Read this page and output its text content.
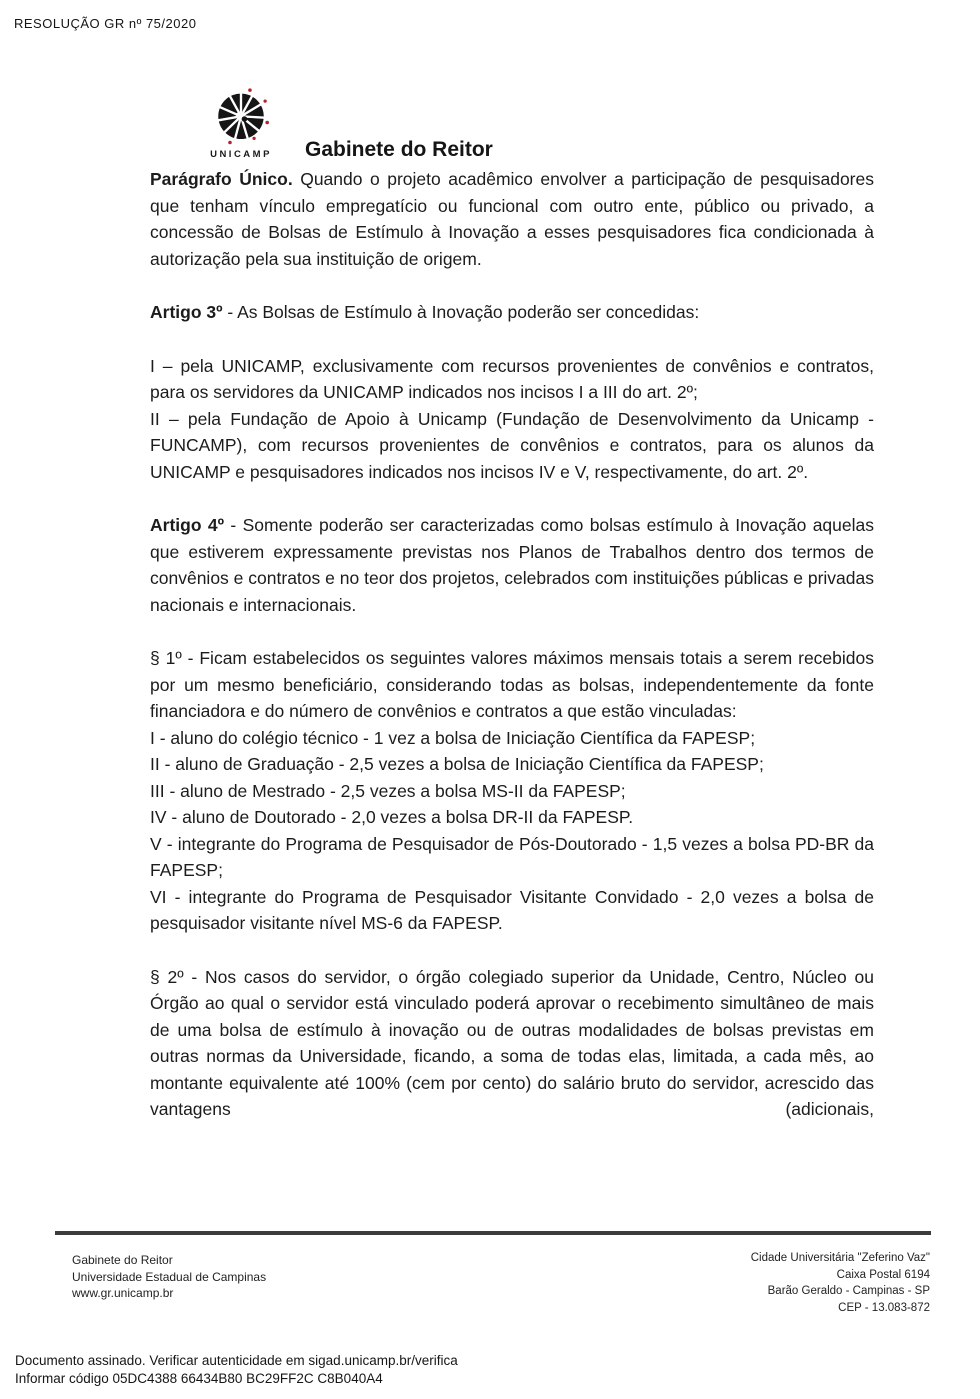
RESOLUÇÃO GR nº 75/2020
UNICAMP	Gabinete do Reitor

Parágrafo Único. Quando o projeto acadêmico envolver a participação de pesquisadores que tenham vínculo empregatício ou funcional com outro ente, público ou privado, a concessão de Bolsas de Estímulo à Inovação a esses pesquisadores fica condicionada à autorização pela sua instituição de origem.

Artigo 3º - As Bolsas de Estímulo à Inovação poderão ser concedidas:

I – pela UNICAMP, exclusivamente com recursos provenientes de convênios e contratos, para os servidores da UNICAMP indicados nos incisos I a III do art. 2º;

II – pela Fundação de Apoio à Unicamp (Fundação de Desenvolvimento da Unicamp - FUNCAMP), com recursos provenientes de convênios e contratos, para os alunos da UNICAMP e pesquisadores indicados nos incisos IV e V, respectivamente, do art. 2º.

Artigo 4º - Somente poderão ser caracterizadas como bolsas estímulo à Inovação aquelas que estiverem expressamente previstas nos Planos de Trabalhos dentro dos termos de convênios e contratos e no teor dos projetos, celebrados com instituições públicas e privadas nacionais e internacionais.

§ 1º - Ficam estabelecidos os seguintes valores máximos mensais totais a serem recebidos por um mesmo beneficiário, considerando todas as bolsas, independentemente da fonte financiadora e do número de convênios e contratos a que estão vinculadas:

I - aluno do colégio técnico - 1 vez a bolsa de Iniciação Científica da FAPESP;

II - aluno de Graduação - 2,5 vezes a bolsa de Iniciação Científica da FAPESP;

III - aluno de Mestrado - 2,5 vezes a bolsa MS-II da FAPESP;

IV - aluno de Doutorado - 2,0 vezes a bolsa DR-II da FAPESP.

V - integrante do Programa de Pesquisador de Pós-Doutorado - 1,5 vezes a bolsa PD-BR da FAPESP;

VI - integrante do Programa de Pesquisador Visitante Convidado - 2,0 vezes a bolsa de pesquisador visitante nível MS-6 da FAPESP.

§ 2º - Nos casos do servidor, o órgão colegiado superior da Unidade, Centro, Núcleo ou Órgão ao qual o servidor está vinculado poderá aprovar o recebimento simultâneo de mais de uma bolsa de estímulo à inovação ou de outras modalidades de bolsas previstas em outras normas da Universidade, ficando, a soma de todas elas, limitada, a cada mês, ao montante equivalente até 100% (cem por cento) do salário bruto do servidor, acrescido das vantagens (adicionais,

Gabinete do Reitor
Universidade Estadual de Campinas
www.gr.unicamp.br
Cidade Universitária "Zeferino Vaz"
Caixa Postal 6194
Barão Geraldo - Campinas - SP
CEP - 13.083-872
Documento assinado. Verificar autenticidade em sigad.unicamp.br/verifica
Informar código 05DC4388 66434B80 BC29FF2C C8B040A4
